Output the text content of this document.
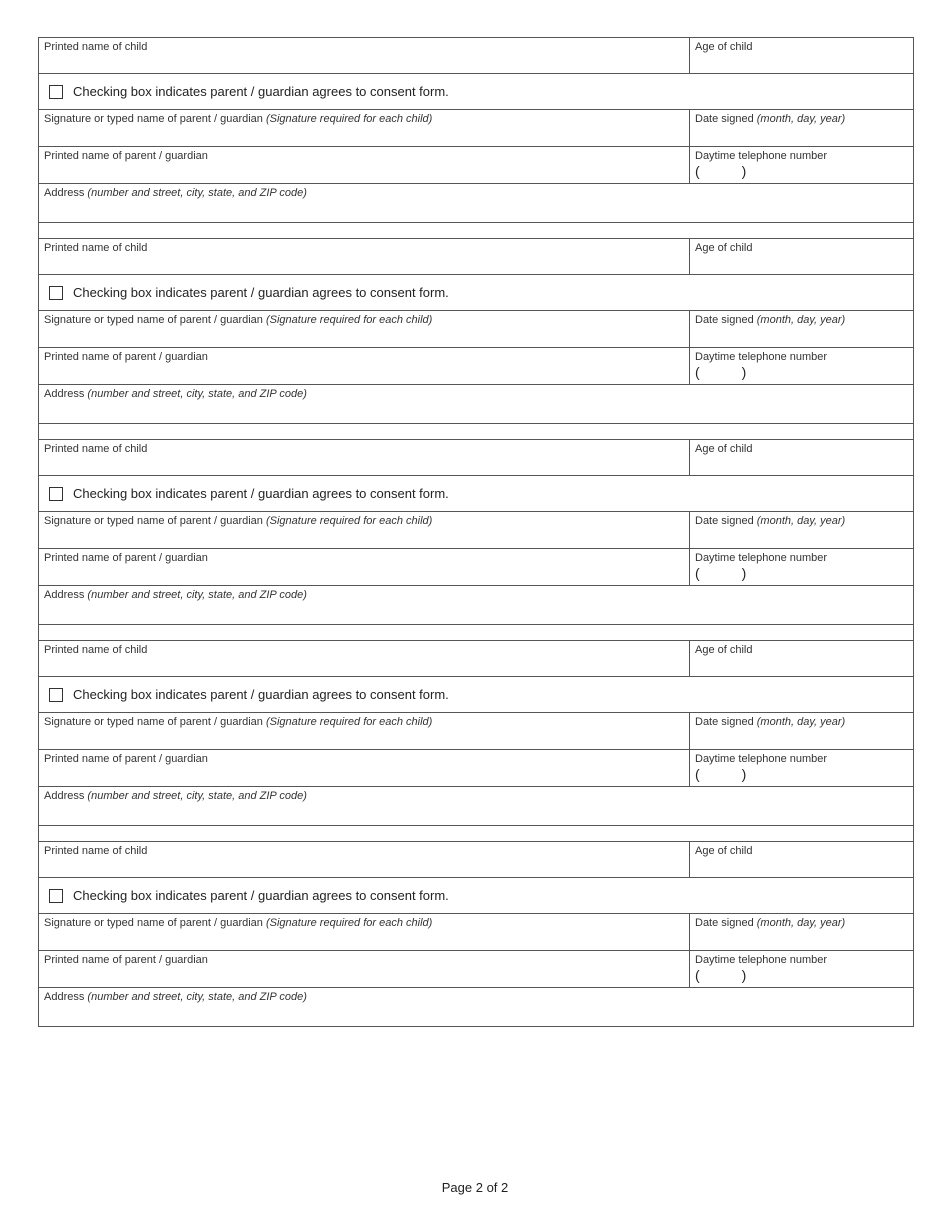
Printed name of child	Age of child
Checking box indicates parent / guardian agrees to consent form.
Signature or typed name of parent / guardian (Signature required for each child)	Date signed (month, day, year)
Printed name of parent / guardian	Daytime telephone number
(	)
Address (number and street, city, state, and ZIP code)
Printed name of child	Age of child
Checking box indicates parent / guardian agrees to consent form.
Signature or typed name of parent / guardian (Signature required for each child)	Date signed (month, day, year)
Printed name of parent / guardian	Daytime telephone number
(	)
Address (number and street, city, state, and ZIP code)
Printed name of child	Age of child
Checking box indicates parent / guardian agrees to consent form.
Signature or typed name of parent / guardian (Signature required for each child)	Date signed (month, day, year)
Printed name of parent / guardian	Daytime telephone number
(	)
Address (number and street, city, state, and ZIP code)
Printed name of child	Age of child
Checking box indicates parent / guardian agrees to consent form.
Signature or typed name of parent / guardian (Signature required for each child)	Date signed (month, day, year)
Printed name of parent / guardian	Daytime telephone number
(	)
Address (number and street, city, state, and ZIP code)
Printed name of child	Age of child
Checking box indicates parent / guardian agrees to consent form.
Signature or typed name of parent / guardian (Signature required for each child)	Date signed (month, day, year)
Printed name of parent / guardian	Daytime telephone number
(	)
Address (number and street, city, state, and ZIP code)
Page 2 of 2
